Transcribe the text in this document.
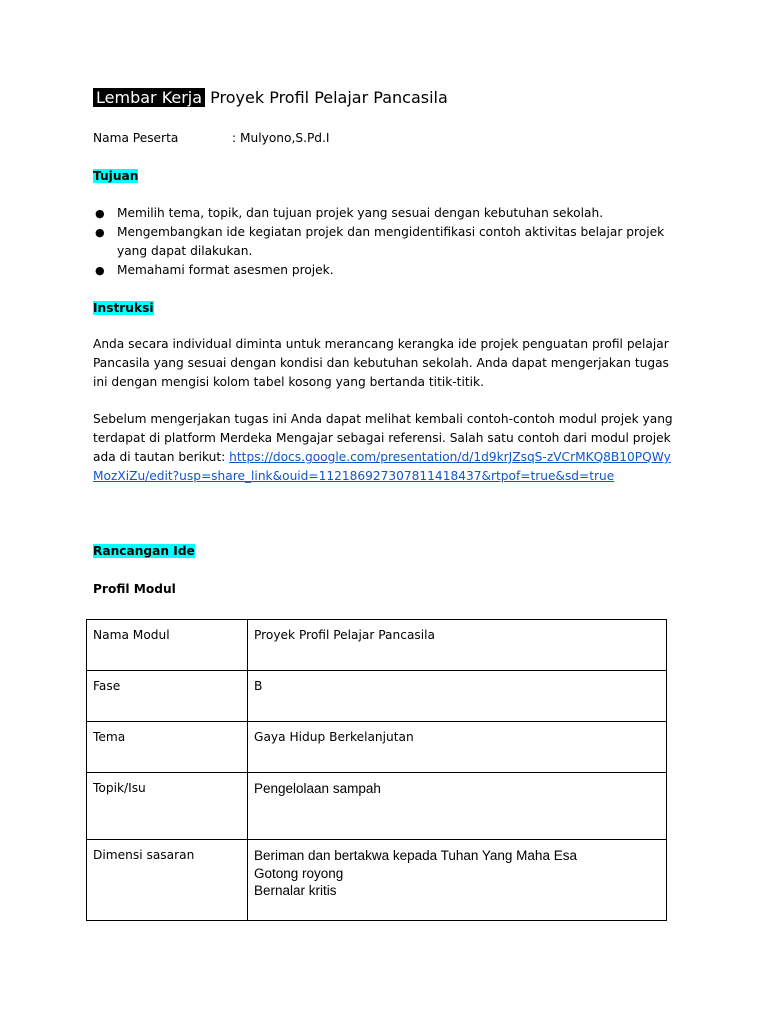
Lembar Kerja Proyek Profil Pelajar Pancasila
Nama Peserta	: Mulyono,S.Pd.I
Tujuan
● Memilih tema, topik, dan tujuan projek yang sesuai dengan kebutuhan sekolah.
● Mengembangkan ide kegiatan projek dan mengidentifikasi contoh aktivitas belajar projek yang dapat dilakukan.
● Memahami format asesmen projek.
Instruksi
Anda secara individual diminta untuk merancang kerangka ide projek penguatan profil pelajar Pancasila yang sesuai dengan kondisi dan kebutuhan sekolah. Anda dapat mengerjakan tugas ini dengan mengisi kolom tabel kosong yang bertanda titik-titik.
Sebelum mengerjakan tugas ini Anda dapat melihat kembali contoh-contoh modul projek yang terdapat di platform Merdeka Mengajar sebagai referensi. Salah satu contoh dari modul projek ada di tautan berikut: https://docs.google.com/presentation/d/1d9krJZsqS-zVCrMKQ8B10PQWyMozXiZu/edit?usp=share_link&ouid=112186927307811418437&rtpof=true&sd=true
Rancangan Ide
Profil Modul
Nama Modul	Proyek Profil Pelajar Pancasila
Fase	B
Tema	Gaya Hidup Berkelanjutan
Topik/Isu	Pengelolaan sampah
Dimensi sasaran	Beriman dan bertakwa kepada Tuhan Yang Maha Esa
Gotong royong
Bernalar kritis
